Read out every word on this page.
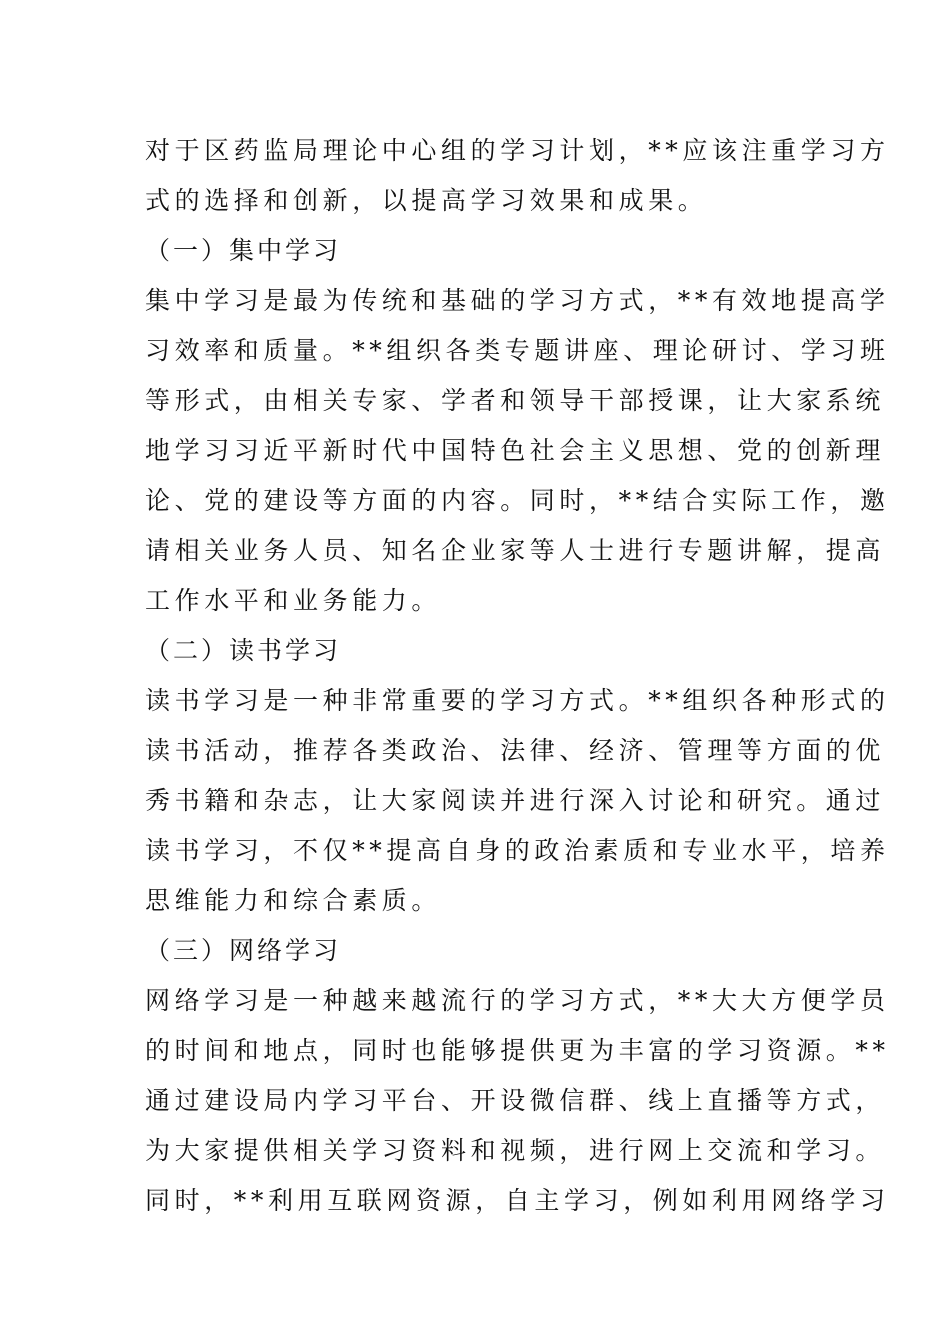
对于区药监局理论中心组的学习计划，**应该注重学习方
式的选择和创新，以提高学习效果和成果。
（一）集中学习
集中学习是最为传统和基础的学习方式，**有效地提高学
习效率和质量。**组织各类专题讲座、理论研讨、学习班
等形式，由相关专家、学者和领导干部授课，让大家系统
地学习习近平新时代中国特色社会主义思想、党的创新理
论、党的建设等方面的内容。同时，**结合实际工作，邀
请相关业务人员、知名企业家等人士进行专题讲解，提高
工作水平和业务能力。
（二）读书学习
读书学习是一种非常重要的学习方式。**组织各种形式的
读书活动，推荐各类政治、法律、经济、管理等方面的优
秀书籍和杂志，让大家阅读并进行深入讨论和研究。通过
读书学习，不仅**提高自身的政治素质和专业水平，培养
思维能力和综合素质。
（三）网络学习
网络学习是一种越来越流行的学习方式，**大大方便学员
的时间和地点，同时也能够提供更为丰富的学习资源。**
通过建设局内学习平台、开设微信群、线上直播等方式，
为大家提供相关学习资料和视频，进行网上交流和学习。
同时，**利用互联网资源，自主学习，例如利用网络学习
